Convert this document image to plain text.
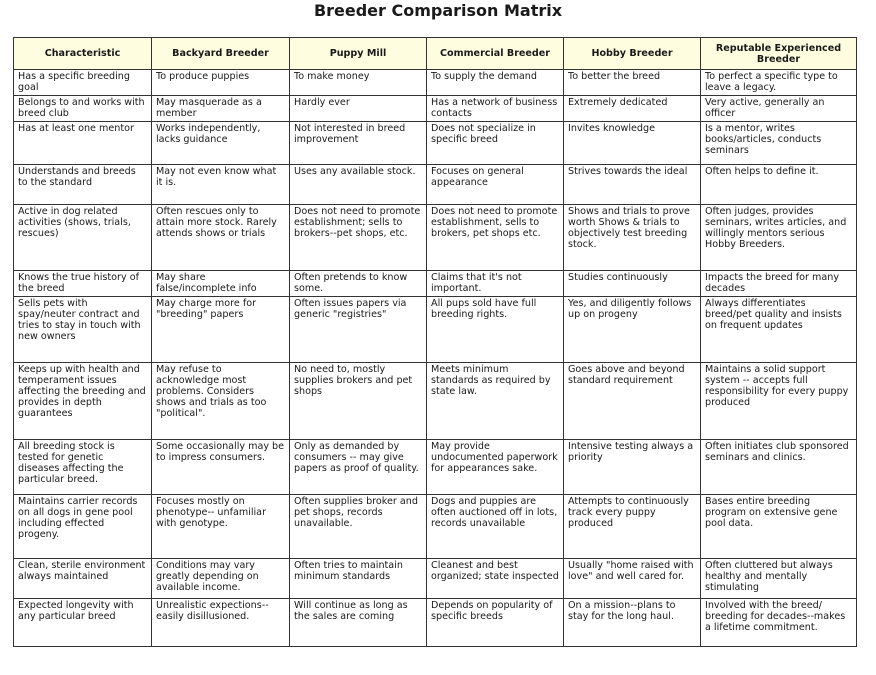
Breeder Comparison Matrix
Characteristic	Backyard Breeder	Puppy Mill	Commercial Breeder	Hobby Breeder	Reputable Experienced Breeder
Has a specific breeding goal	To produce puppies	To make money	To supply the demand	To better the breed	To perfect a specific type to leave a legacy.
Belongs to and works with breed club	May masquerade as a member	Hardly ever	Has a network of business contacts	Extremely dedicated	Very active, generally an officer
Has at least one mentor	Works independently, lacks guidance	Not interested in breed improvement	Does not specialize in specific breed	Invites knowledge	Is a mentor, writes books/articles, conducts seminars
Understands and breeds to the standard	May not even know what it is.	Uses any available stock.	Focuses on general appearance	Strives towards the ideal	Often helps to define it.
Active in dog related activities (shows, trials, rescues)	Often rescues only to attain more stock. Rarely attends shows or trials	Does not need to promote establishment; sells to brokers--pet shops, etc.	Does not need to promote establishment, sells to brokers, pet shops etc.	Shows and trials to prove worth Shows & trials to objectively test breeding stock.	Often judges, provides seminars, writes articles, and willingly mentors serious Hobby Breeders.
Knows the true history of the breed	May share false/incomplete info	Often pretends to know some.	Claims that it's not important.	Studies continuously	Impacts the breed for many decades
Sells pets with spay/neuter contract and tries to stay in touch with new owners	May charge more for "breeding" papers	Often issues papers via generic "registries"	All pups sold have full breeding rights.	Yes, and diligently follows up on progeny	Always differentiates breed/pet quality and insists on frequent updates
Keeps up with health and temperament issues affecting the breeding and provides in depth guarantees	May refuse to acknowledge most problems. Considers shows and trials as too "political".	No need to, mostly supplies brokers and pet shops	Meets minimum standards as required by state law.	Goes above and beyond standard requirement	Maintains a solid support system -- accepts full responsibility for every puppy produced
All breeding stock is tested for genetic diseases affecting the particular breed.	Some occasionally may be to impress consumers.	Only as demanded by consumers -- may give papers as proof of quality.	May provide undocumented paperwork for appearances sake.	Intensive testing always a priority	Often initiates club sponsored seminars and clinics.
Maintains carrier records on all dogs in gene pool including effected progeny.	Focuses mostly on phenotype-- unfamiliar with genotype.	Often supplies broker and pet shops, records unavailable.	Dogs and puppies are often auctioned off in lots, records unavailable	Attempts to continuously track every puppy produced	Bases entire breeding program on extensive gene pool data.
Clean, sterile environment always maintained	Conditions may vary greatly depending on available income.	Often tries to maintain minimum standards	Cleanest and best organized; state inspected	Usually "home raised with love" and well cared for.	Often cluttered but always healthy and mentally stimulating
Expected longevity with any particular breed	Unrealistic expections-- easily disillusioned.	Will continue as long as the sales are coming	Depends on popularity of specific breeds	On a mission--plans to stay for the long haul.	Involved with the breed/ breeding for decades--makes a lifetime commitment.
